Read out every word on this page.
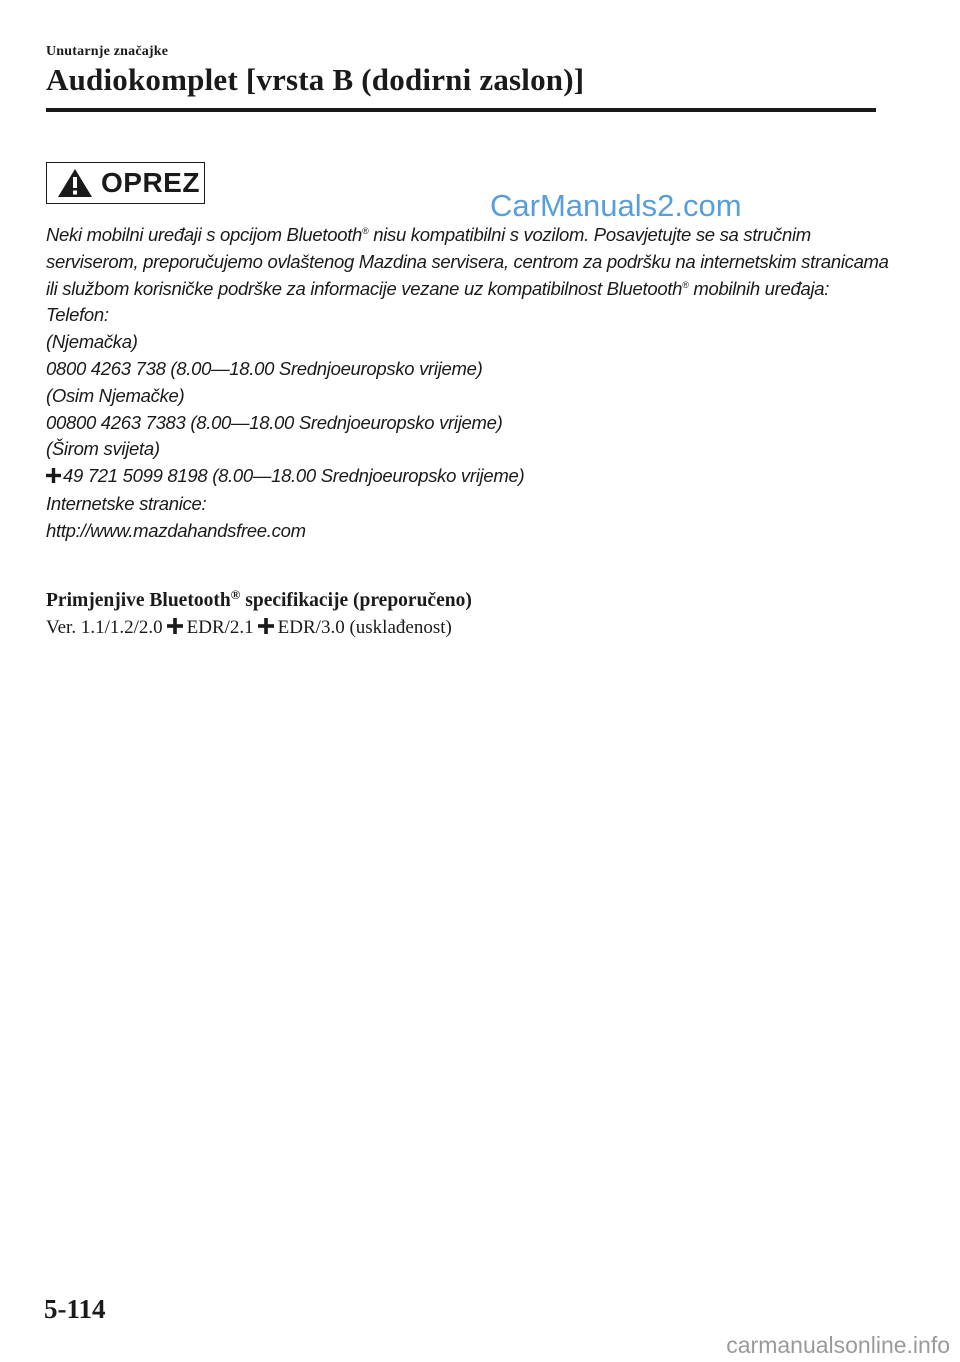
Unutarnje značajke
Audiokomplet [vrsta B (dodirni zaslon)]
OPREZ
CarManuals2.com

Neki mobilni uređaji s opcijom Bluetooth® nisu kompatibilni s vozilom. Posavjetujte se sa stručnim serviserom, preporučujemo ovlaštenog Mazdina servisera, centrom za podršku na internetskim stranicama ili službom korisničke podrške za informacije vezane uz kompatibilnost Bluetooth® mobilnih uređaja:

Telefon:

(Njemačka)

0800 4263 738 (8.00—18.00 Srednjoeuropsko vrijeme)

(Osim Njemačke)

00800 4263 7383 (8.00—18.00 Srednjoeuropsko vrijeme)

(Širom svijeta)

49 721 5099 8198 (8.00—18.00 Srednjoeuropsko vrijeme)

Internetske stranice:

http://www.mazdahandsfree.com

Primjenjive Bluetooth® specifikacije (preporučeno)
Ver. 1.1/1.2/2.0 EDR/2.1 EDR/3.0 (usklađenost)
5-114
carmanualsonline.info
